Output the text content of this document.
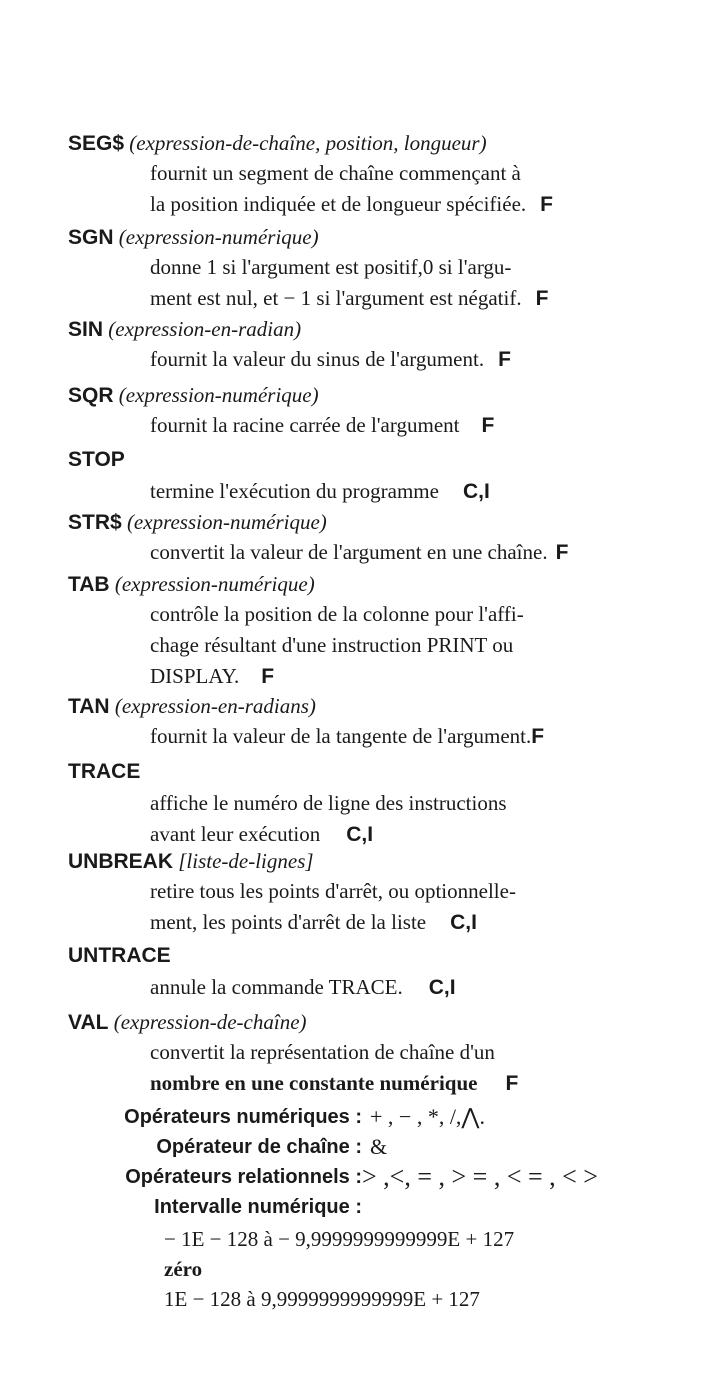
SEG$ (expression-de-chaîne, position, longueur)
fournit un segment de chaîne commençant à
la position indiquée et de longueur spécifiée. F
SGN (expression-numérique)
donne 1 si l'argument est positif,0 si l'argu-
ment est nul, et − 1 si l'argument est négatif. F
SIN (expression-en-radian)
fournit la valeur du sinus de l'argument. F
SQR (expression-numérique)
fournit la racine carrée de l'argument F
STOP
termine l'exécution du programme C,I
STR$ (expression-numérique)
convertit la valeur de l'argument en une chaîne. F
TAB (expression-numérique)
contrôle la position de la colonne pour l'affi-
chage résultant d'une instruction PRINT ou
DISPLAY. F
TAN (expression-en-radians)
fournit la valeur de la tangente de l'argument.F
TRACE
affiche le numéro de ligne des instructions
avant leur exécution C,I
UNBREAK [liste-de-lignes]
retire tous les points d'arrêt, ou optionnelle-
ment, les points d'arrêt de la liste C,I
UNTRACE
annule la commande TRACE. C,I
VAL (expression-de-chaîne)
convertit la représentation de chaîne d'un
nombre en une constante numérique F
Opérateurs numériques : + , − , *, /,⋀.
Opérateur de chaîne : &
Opérateurs relationnels : > ,<, = , > = , < = , < >
Intervalle numérique :
− 1E − 128 à − 9,9999999999999E + 127
zéro
1E − 128 à 9,9999999999999E + 127
